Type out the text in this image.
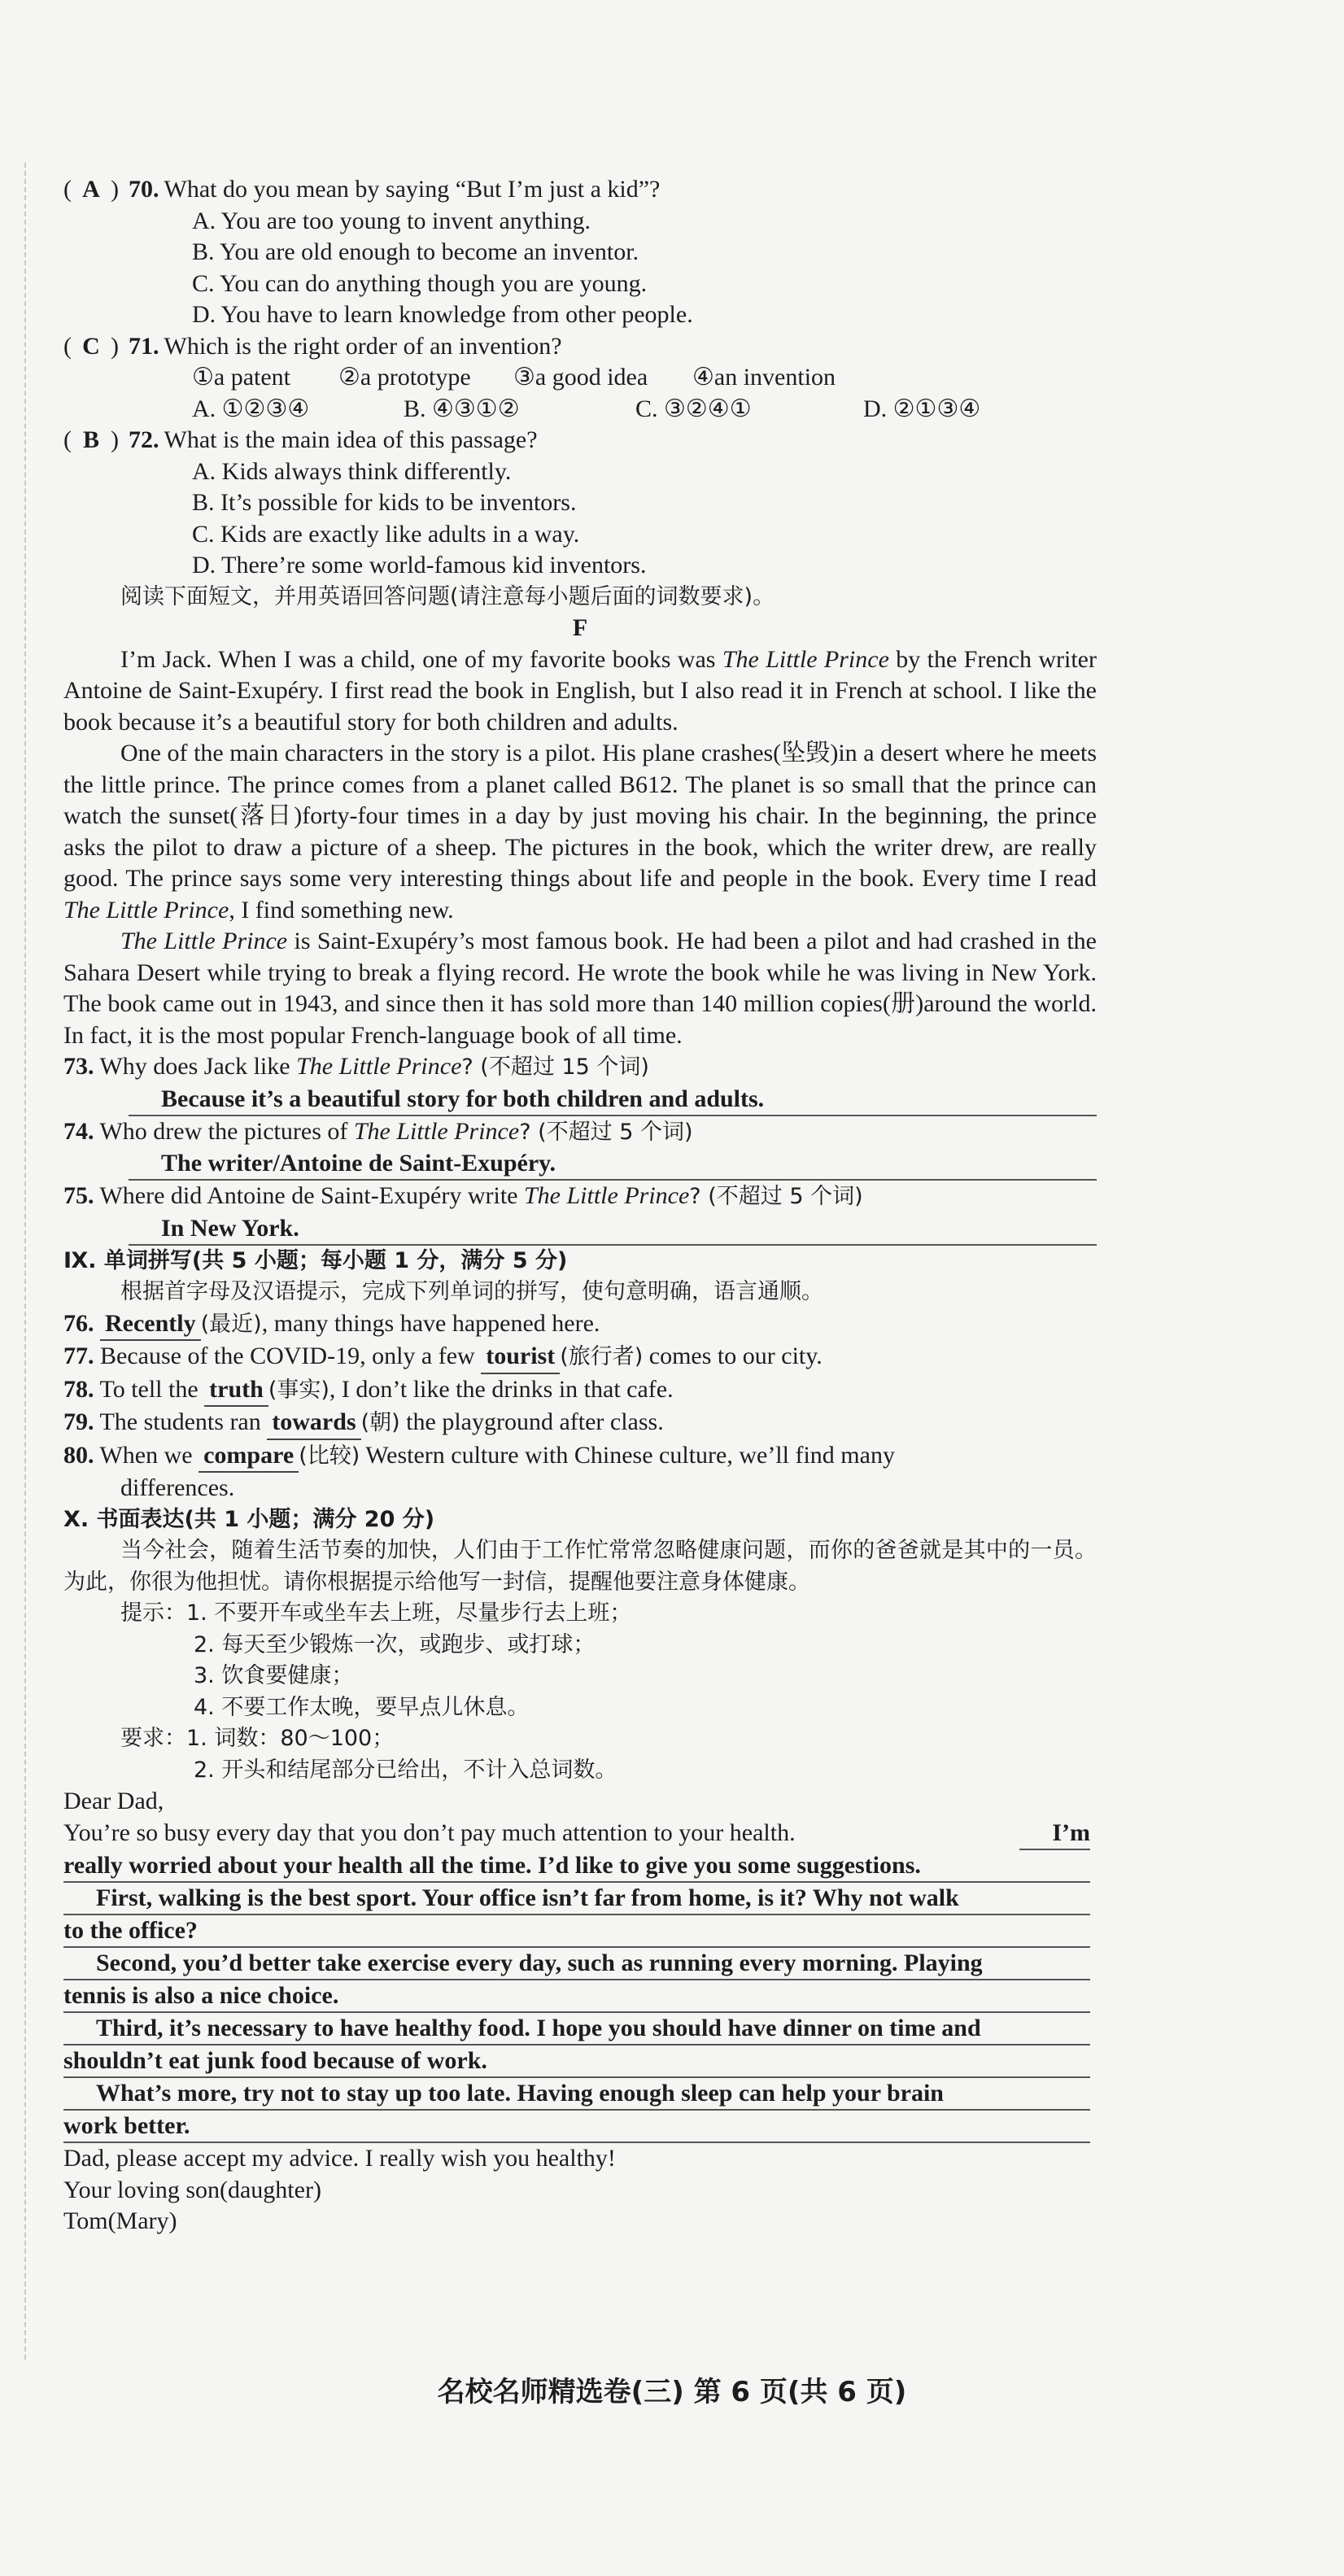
( A ) 70. What do you mean by saying “But I’m just a kid”?
A. You are too young to invent anything.
B. You are old enough to become an inventor.
C. You can do anything though you are young.
D. You have to learn knowledge from other people.
( C ) 71. Which is the right order of an invention?
①a patent	②a prototype	③a good idea	④an invention
A. ①②③④	B. ④③①②	C. ③②④①	D. ②①③④
( B ) 72. What is the main idea of this passage?
A. Kids always think differently.
B. It’s possible for kids to be inventors.
C. Kids are exactly like adults in a way.
D. There’re some world-famous kid inventors.
阅读下面短文，并用英语回答问题(请注意每小题后面的词数要求)。
F
I’m Jack. When I was a child, one of my favorite books was The Little Prince by the French writer Antoine de Saint-Exupéry. I first read the book in English, but I also read it in French at school. I like the book because it’s a beautiful story for both children and adults.
One of the main characters in the story is a pilot. His plane crashes(坠毁)in a desert where he meets the little prince. The prince comes from a planet called B612. The planet is so small that the prince can watch the sunset(落日)forty-four times in a day by just moving his chair. In the beginning, the prince asks the pilot to draw a picture of a sheep. The pictures in the book, which the writer drew, are really good. The prince says some very interesting things about life and people in the book. Every time I read The Little Prince, I find something new.
The Little Prince is Saint-Exupéry’s most famous book. He had been a pilot and had crashed in the Sahara Desert while trying to break a flying record. He wrote the book while he was living in New York. The book came out in 1943, and since then it has sold more than 140 million copies(册)around the world. In fact, it is the most popular French-language book of all time.
73. Why does Jack like The Little Prince? (不超过 15 个词)
Because it’s a beautiful story for both children and adults.
74. Who drew the pictures of The Little Prince? (不超过 5 个词)
The writer/Antoine de Saint-Exupéry.
75. Where did Antoine de Saint-Exupéry write The Little Prince? (不超过 5 个词)
In New York.
Ⅸ. 单词拼写(共 5 小题；每小题 1 分，满分 5 分)
根据首字母及汉语提示，完成下列单词的拼写，使句意明确，语言通顺。
76. Recently (最近), many things have happened here.
77. Because of the COVID-19, only a few tourist (旅行者) comes to our city.
78. To tell the truth (事实), I don’t like the drinks in that cafe.
79. The students ran towards (朝) the playground after class.
80. When we compare (比较) Western culture with Chinese culture, we’ll find many
differences.
Ⅹ. 书面表达(共 1 小题；满分 20 分)
当今社会，随着生活节奏的加快，人们由于工作忙常常忽略健康问题，而你的爸爸就是其中的一员。为此，你很为他担忧。请你根据提示给他写一封信，提醒他要注意身体健康。
提示：1. 不要开车或坐车去上班，尽量步行去上班；
2. 每天至少锻炼一次，或跑步、或打球；
3. 饮食要健康；
4. 不要工作太晚，要早点儿休息。
要求：1. 词数：80～100；
2. 开头和结尾部分已给出，不计入总词数。
Dear Dad,
You’re so busy every day that you don’t pay much attention to your health.	I’m
really worried about your health all the time. I’d like to give you some suggestions.
First, walking is the best sport. Your office isn’t far from home, is it? Why not walk
to the office?
Second, you’d better take exercise every day, such as running every morning. Playing
tennis is also a nice choice.
Third, it’s necessary to have healthy food. I hope you should have dinner on time and
shouldn’t eat junk food because of work.
What’s more, try not to stay up too late. Having enough sleep can help your brain
work better.
Dad, please accept my advice. I really wish you healthy!
Your loving son(daughter)
Tom(Mary)
名校名师精选卷(三) 第 6 页(共 6 页)
